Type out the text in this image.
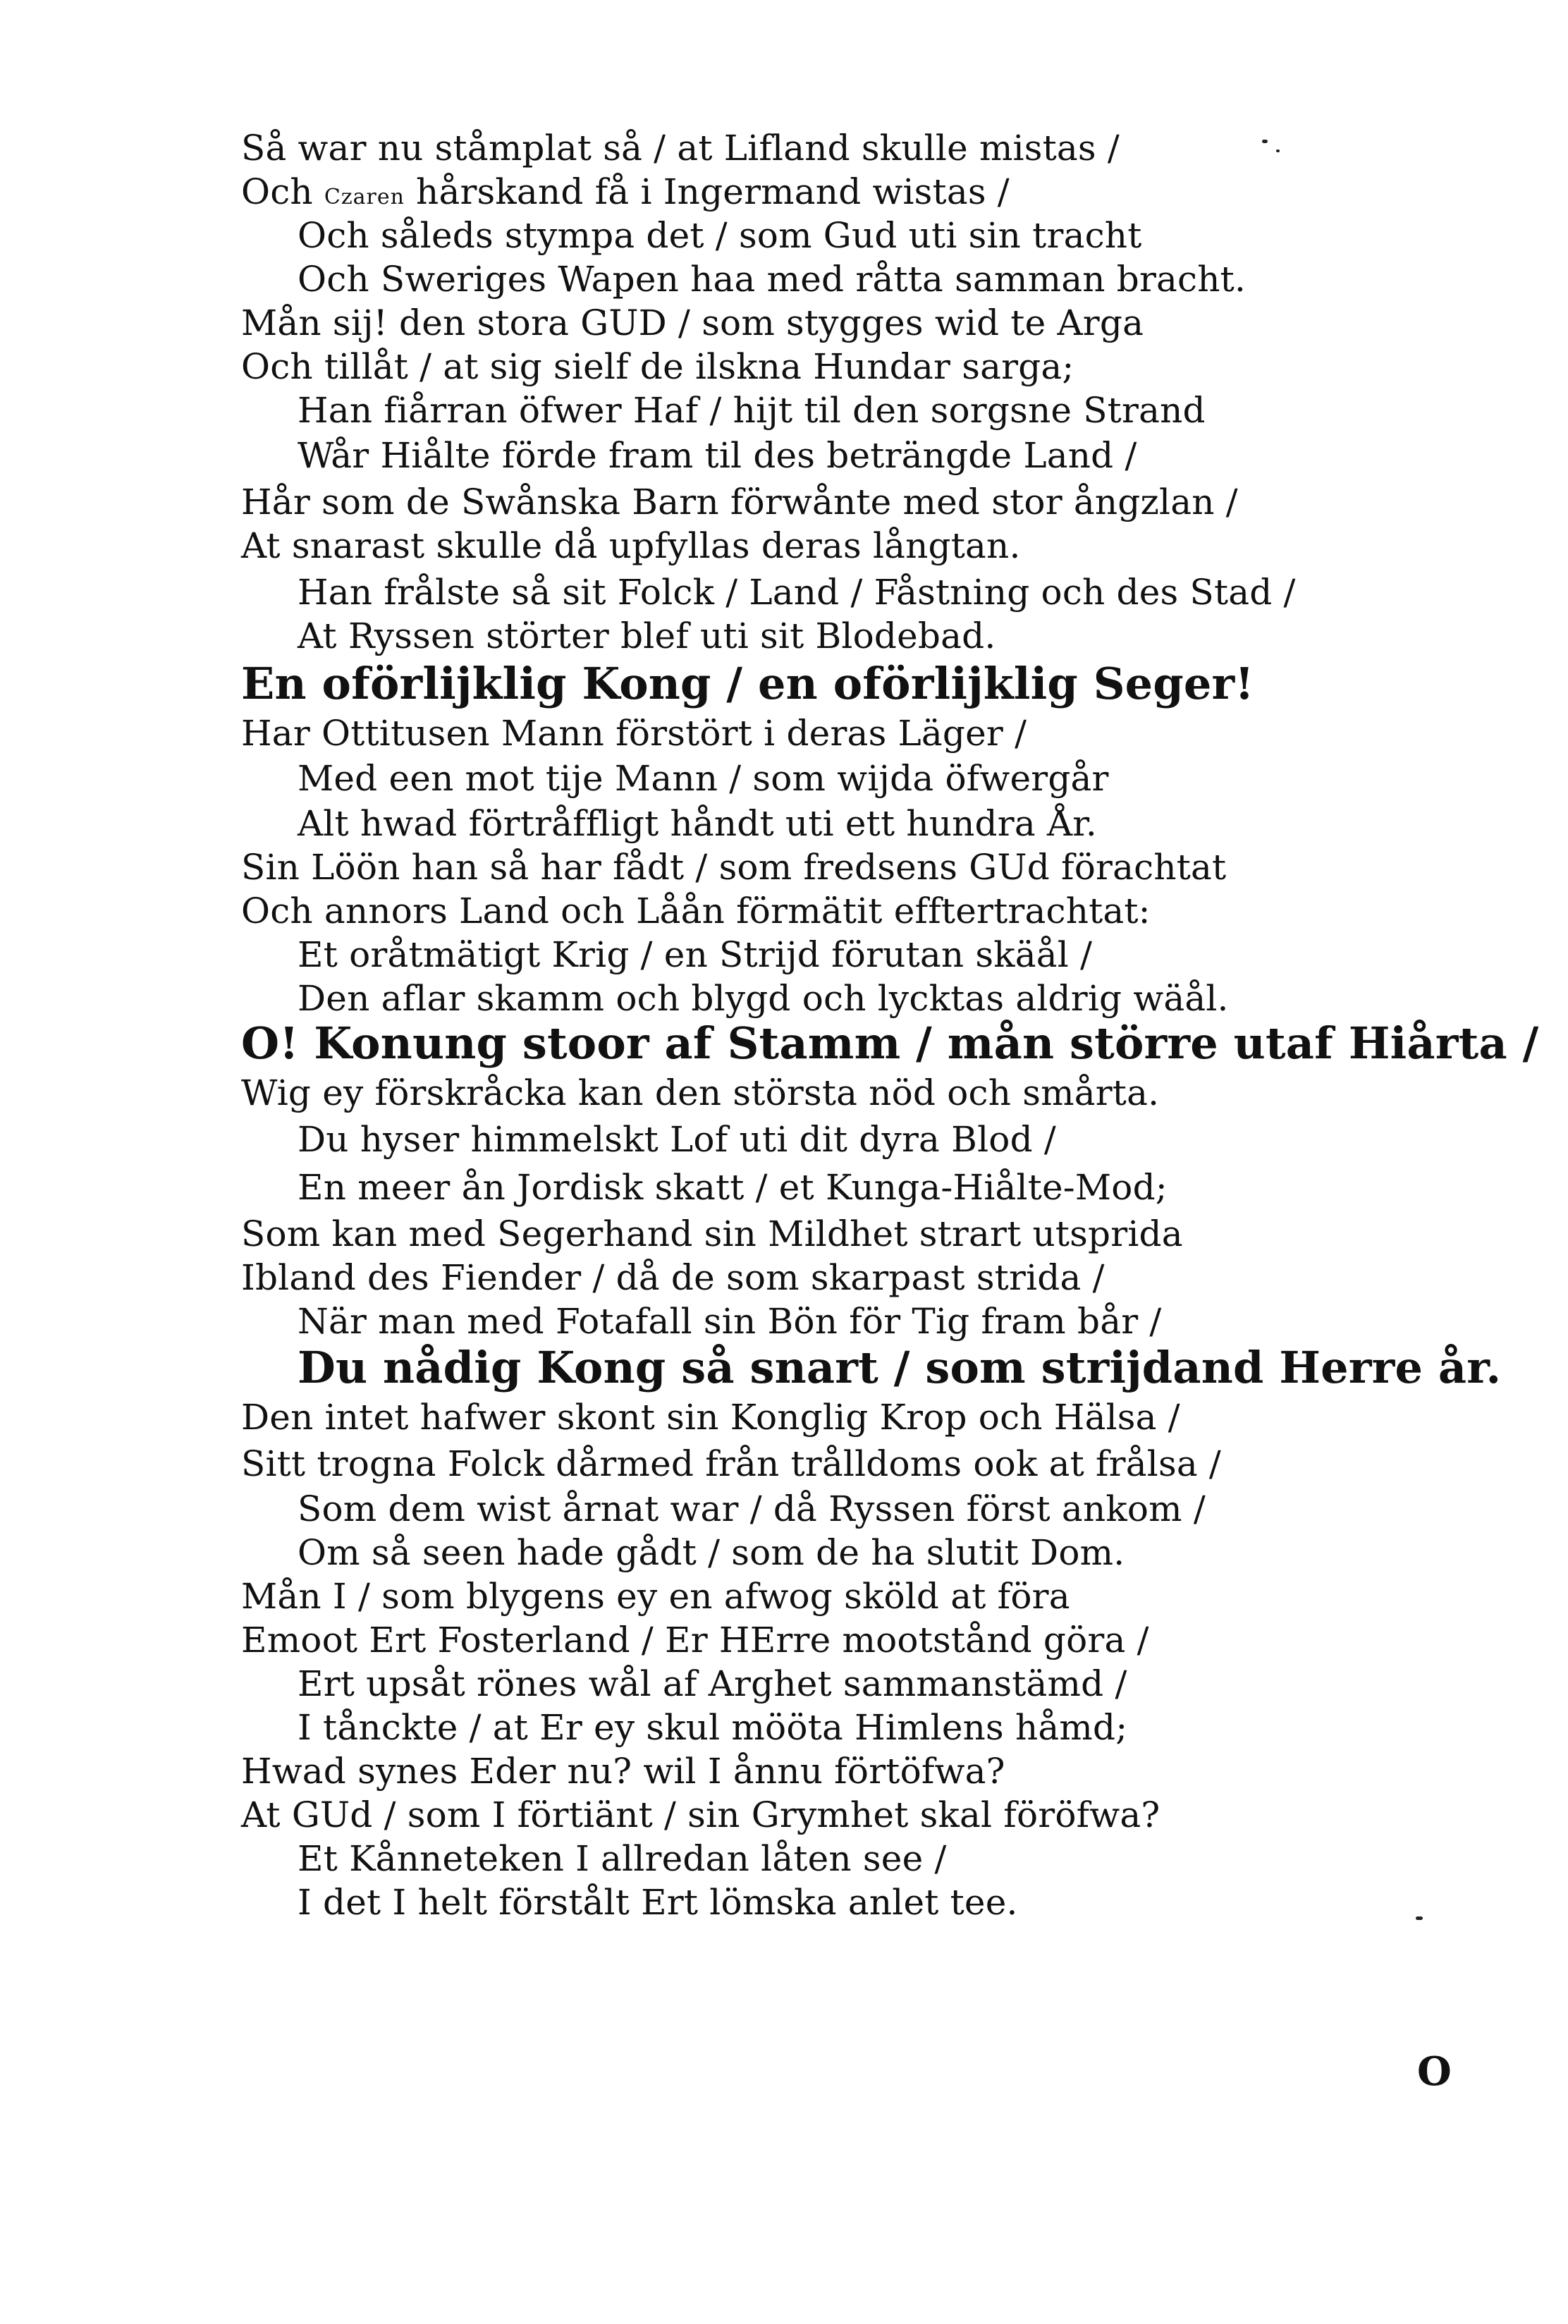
Så war nu ståmplat så / at Lifland skulle mistas /
Och Czaren hårskand få i Ingermand wistas /
Och såleds stympa det / som Gud uti sin tracht
Och Sweriges Wapen haa med råtta samman bracht.
Mån sij! den stora GUD / som stygges wid te Arga
Och tillåt / at sig sielf de ilskna Hundar sarga;
Han fiårran öfwer Haf / hijt til den sorgsne Strand
Wår Hiålte förde fram til des beträngde Land /
Hår som de Swånska Barn förwånte med stor ångzlan /
At snarast skulle då upfyllas deras långtan.
Han frålste så sit Folck / Land / Fåstning och des Stad /
At Ryssen störter blef uti sit Blodebad.
En oförlijklig Kong / en oförlijklig Seger!
Har Ottitusen Mann förstört i deras Läger /
Med een mot tije Mann / som wijda öfwergår
Alt hwad förtråffligt håndt uti ett hundra År.
Sin Löön han så har fådt / som fredsens GUd förachtat
Och annors Land och Låån förmätit efftertrachtat:
Et oråtmätigt Krig / en Strijd förutan skäål /
Den aflar skamm och blygd och lycktas aldrig wäål.
O! Konung stoor af Stamm / mån större utaf Hiårta /
Wig ey förskråcka kan den största nöd och smårta.
Du hyser himmelskt Lof uti dit dyra Blod /
En meer ån Jordisk skatt / et Kunga-Hiålte-Mod;
Som kan med Segerhand sin Mildhet strart utsprida
Ibland des Fiender / då de som skarpast strida /
När man med Fotafall sin Bön för Tig fram bår /
Du nådig Kong så snart / som strijdand Herre år.
Den intet hafwer skont sin Konglig Krop och Hälsa /
Sitt trogna Folck dårmed från trålldoms ook at frålsa /
Som dem wist årnat war / då Ryssen först ankom /
Om så seen hade gådt / som de ha slutit Dom.
Mån I / som blygens ey en afwog sköld at föra
Emoot Ert Fosterland / Er HErre mootstånd göra /
Ert upsåt rönes wål af Arghet sammanstämd /
I tånckte / at Er ey skul mööta Himlens håmd;
Hwad synes Eder nu? wil I ånnu förtöfwa?
At GUd / som I förtiänt / sin Grymhet skal föröfwa?
Et Kånneteken I allredan låten see /
I det I helt förstålt Ert lömska anlet tee.
O
